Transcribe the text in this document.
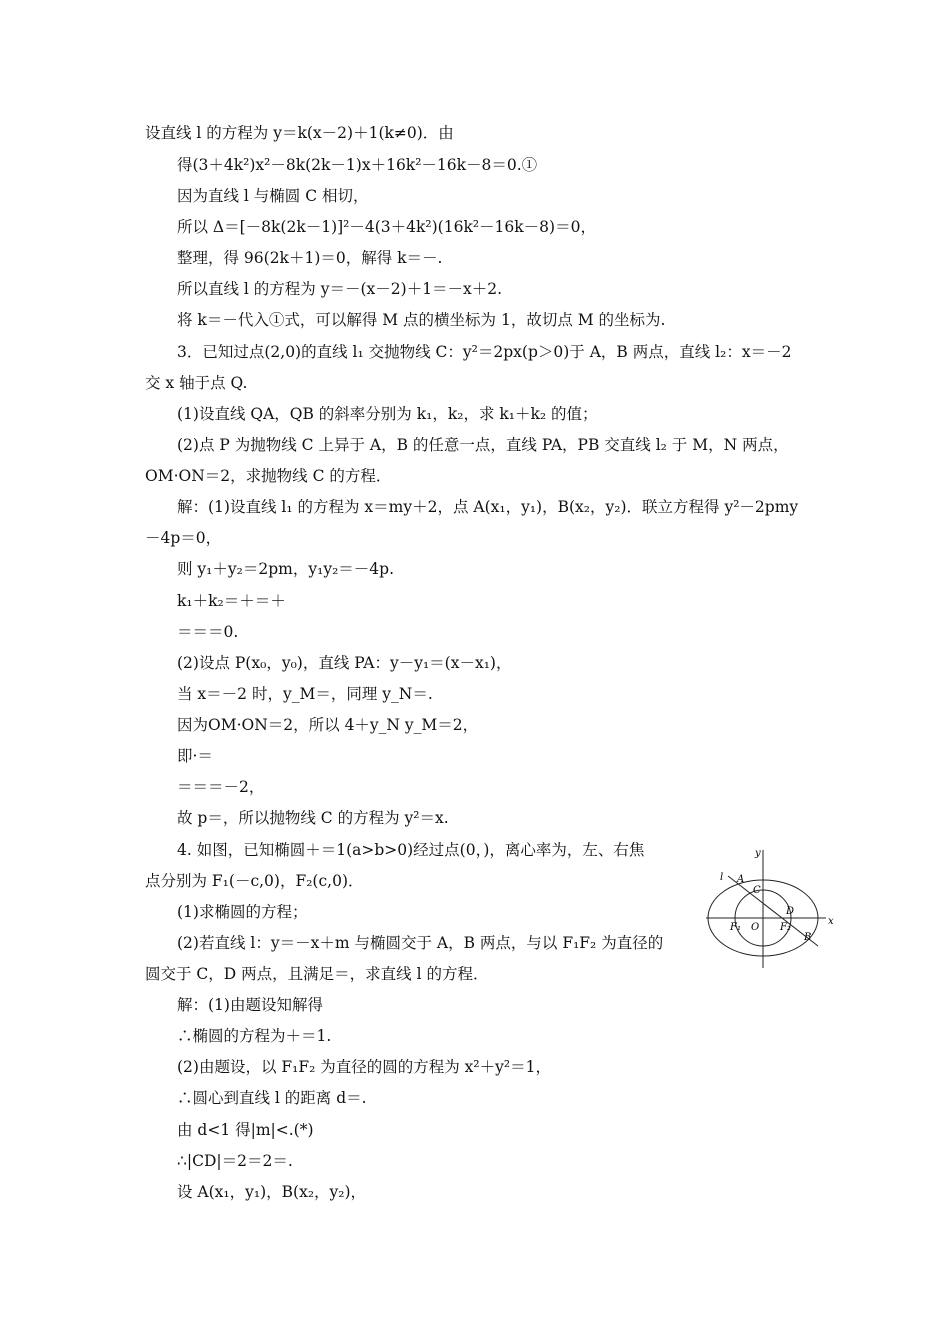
设直线 l 的方程为 y＝k(x－2)＋1(k≠0)．由
得(3＋4k²)x²－8k(2k－1)x＋16k²－16k－8＝0.①
因为直线 l 与椭圆 C 相切，
所以 Δ＝[－8k(2k－1)]²－4(3＋4k²)(16k²－16k－8)＝0，
整理，得 96(2k＋1)＝0，解得 k＝－.
所以直线 l 的方程为 y＝－(x－2)＋1＝－x＋2.
将 k＝－代入①式，可以解得 M 点的横坐标为 1，故切点 M 的坐标为.
3．已知过点(2,0)的直线 l₁ 交抛物线 C：y²＝2px(p＞0)于 A，B 两点，直线 l₂：x＝－2
交 x 轴于点 Q.
(1)设直线 QA，QB 的斜率分别为 k₁，k₂，求 k₁＋k₂ 的值；
(2)点 P 为抛物线 C 上异于 A，B 的任意一点，直线 PA，PB 交直线 l₂ 于 M，N 两点，
OM·ON＝2，求抛物线 C 的方程．
解：(1)设直线 l₁ 的方程为 x＝my＋2，点 A(x₁，y₁)，B(x₂，y₂)．联立方程得 y²－2pmy
－4p＝0，
则 y₁＋y₂＝2pm，y₁y₂＝－4p.
k₁＋k₂＝＋＝＋
＝＝＝0.
(2)设点 P(x₀，y₀)，直线 PA：y－y₁＝(x－x₁)，
当 x＝－2 时，y_M＝，同理 y_N＝.
因为OM·ON＝2，所以 4＋y_N y_M＝2，
即·＝
＝＝＝－2，
故 p＝，所以抛物线 C 的方程为 y²＝x.
4. 如图，已知椭圆＋＝1(a>b>0)经过点(0，)，离心率为，左、右焦
点分别为 F₁(－c,0)，F₂(c,0)．
(1)求椭圆的方程；
(2)若直线 l：y＝－x＋m 与椭圆交于 A，B 两点，与以 F₁F₂ 为直径的
圆交于 C，D 两点，且满足＝，求直线 l 的方程．
解：(1)由题设知解得
∴椭圆的方程为＋＝1.
(2)由题设，以 F₁F₂ 为直径的圆的方程为 x²＋y²＝1，
∴圆心到直线 l 的距离 d＝.
由 d<1 得|m|<.(*)
∴|CD|＝2＝2＝.
设 A(x₁，y₁)，B(x₂，y₂)，
y
x
l A
C
D
B
O
F₁	F₂
